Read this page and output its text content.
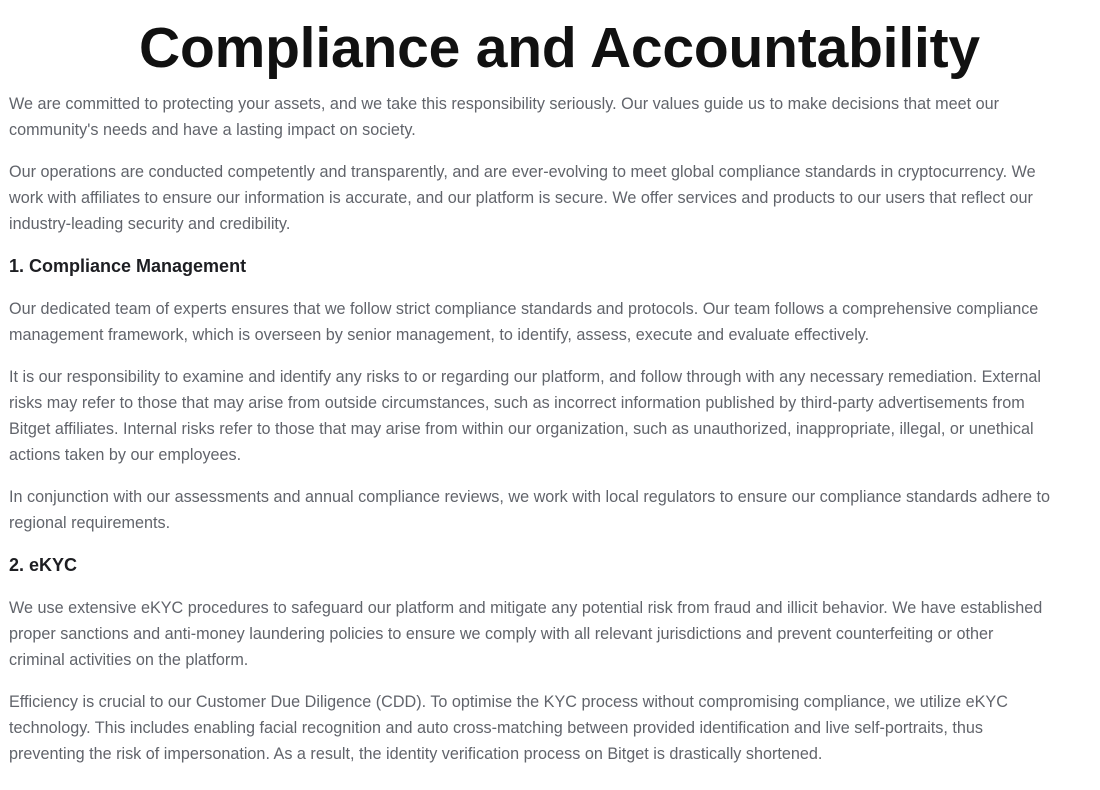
Compliance and Accountability

We are committed to protecting your assets, and we take this responsibility seriously. Our values guide us to make decisions that meet our
community's needs and have a lasting impact on society.

Our operations are conducted competently and transparently, and are ever-evolving to meet global compliance standards in cryptocurrency. We
work with affiliates to ensure our information is accurate, and our platform is secure. We offer services and products to our users that reflect our
industry-leading security and credibility.

1. Compliance Management

Our dedicated team of experts ensures that we follow strict compliance standards and protocols. Our team follows a comprehensive compliance
management framework, which is overseen by senior management, to identify, assess, execute and evaluate effectively.

It is our responsibility to examine and identify any risks to or regarding our platform, and follow through with any necessary remediation. External
risks may refer to those that may arise from outside circumstances, such as incorrect information published by third-party advertisements from
Bitget affiliates. Internal risks refer to those that may arise from within our organization, such as unauthorized, inappropriate, illegal, or unethical
actions taken by our employees.

In conjunction with our assessments and annual compliance reviews, we work with local regulators to ensure our compliance standards adhere to
regional requirements.

2. eKYC

We use extensive eKYC procedures to safeguard our platform and mitigate any potential risk from fraud and illicit behavior. We have established
proper sanctions and anti-money laundering policies to ensure we comply with all relevant jurisdictions and prevent counterfeiting or other
criminal activities on the platform.

Efficiency is crucial to our Customer Due Diligence (CDD). To optimise the KYC process without compromising compliance, we utilize eKYC
technology. This includes enabling facial recognition and auto cross-matching between provided identification and live self-portraits, thus
preventing the risk of impersonation. As a result, the identity verification process on Bitget is drastically shortened.
